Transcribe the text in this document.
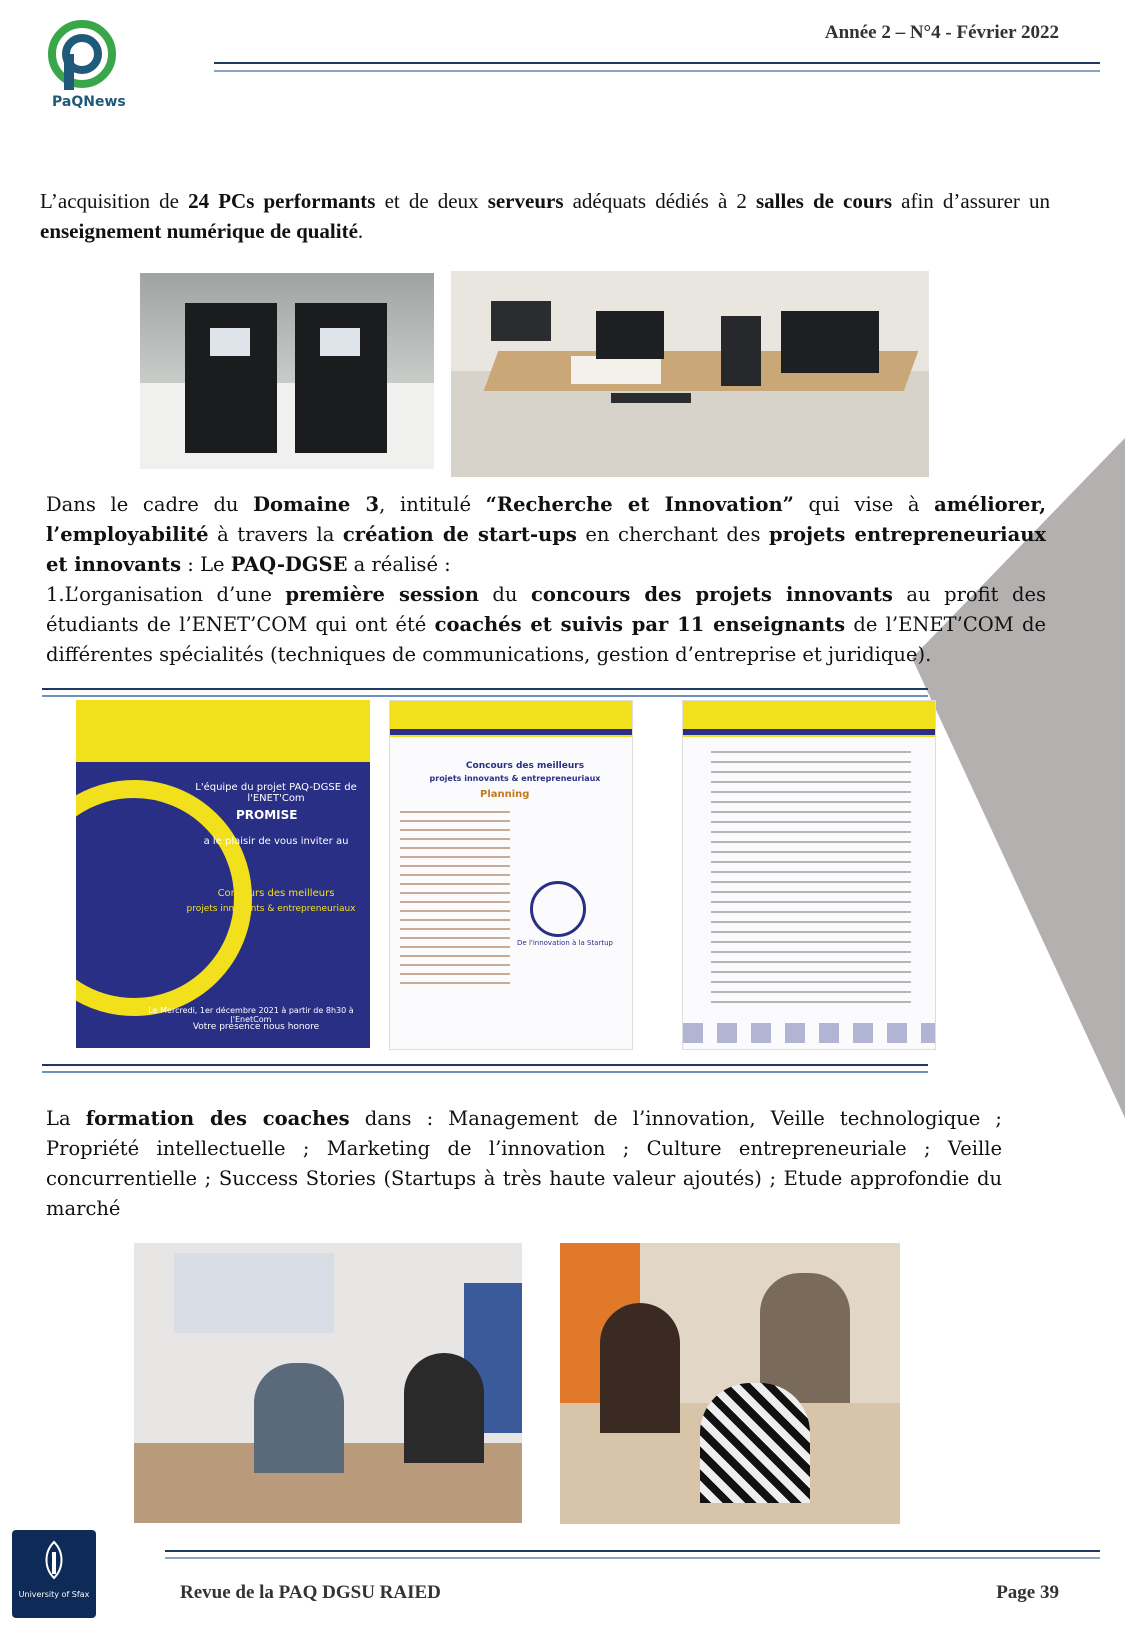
PaQNews
Année 2 – N°4 - Février 2022
L’acquisition de 24 PCs performants et de deux serveurs adéquats dédiés à 2 salles de cours afin d’assurer un enseignement numérique de qualité.
Dans le cadre du Domaine 3, intitulé “Recherche et Innovation” qui vise à améliorer, l’employabilité à travers la création de start-ups en cherchant des projets entrepreneuriaux et innovants : Le PAQ-DGSE a réalisé :
1.L’organisation d’une première session du concours des projets innovants au profit des étudiants de l’ENET’COM qui ont été coachés et suivis par 11 enseignants de l’ENET’COM de différentes spécialités (techniques de communications, gestion d’entreprise et juridique).
L'équipe du projet PAQ-DGSE de l'ENET'Com
PROMISE
a le plaisir de vous inviter au
Concours des meilleurs
projets innovants & entrepreneuriaux
Le Mercredi, 1er décembre 2021 à partir de 8h30 à l'EnetCom
Votre présence nous honore
Concours des meilleurs
projets innovants & entrepreneuriaux
Planning
De l'innovation à la Startup
La formation des coaches dans : Management de l’innovation, Veille technologique ; Propriété intellectuelle ; Marketing de l’innovation ; Culture entrepreneuriale ; Veille concurrentielle ; Success Stories (Startups à très haute valeur ajoutés) ; Etude approfondie du marché
University of Sfax	Revue de la PAQ DGSU RAIED	Page 39
